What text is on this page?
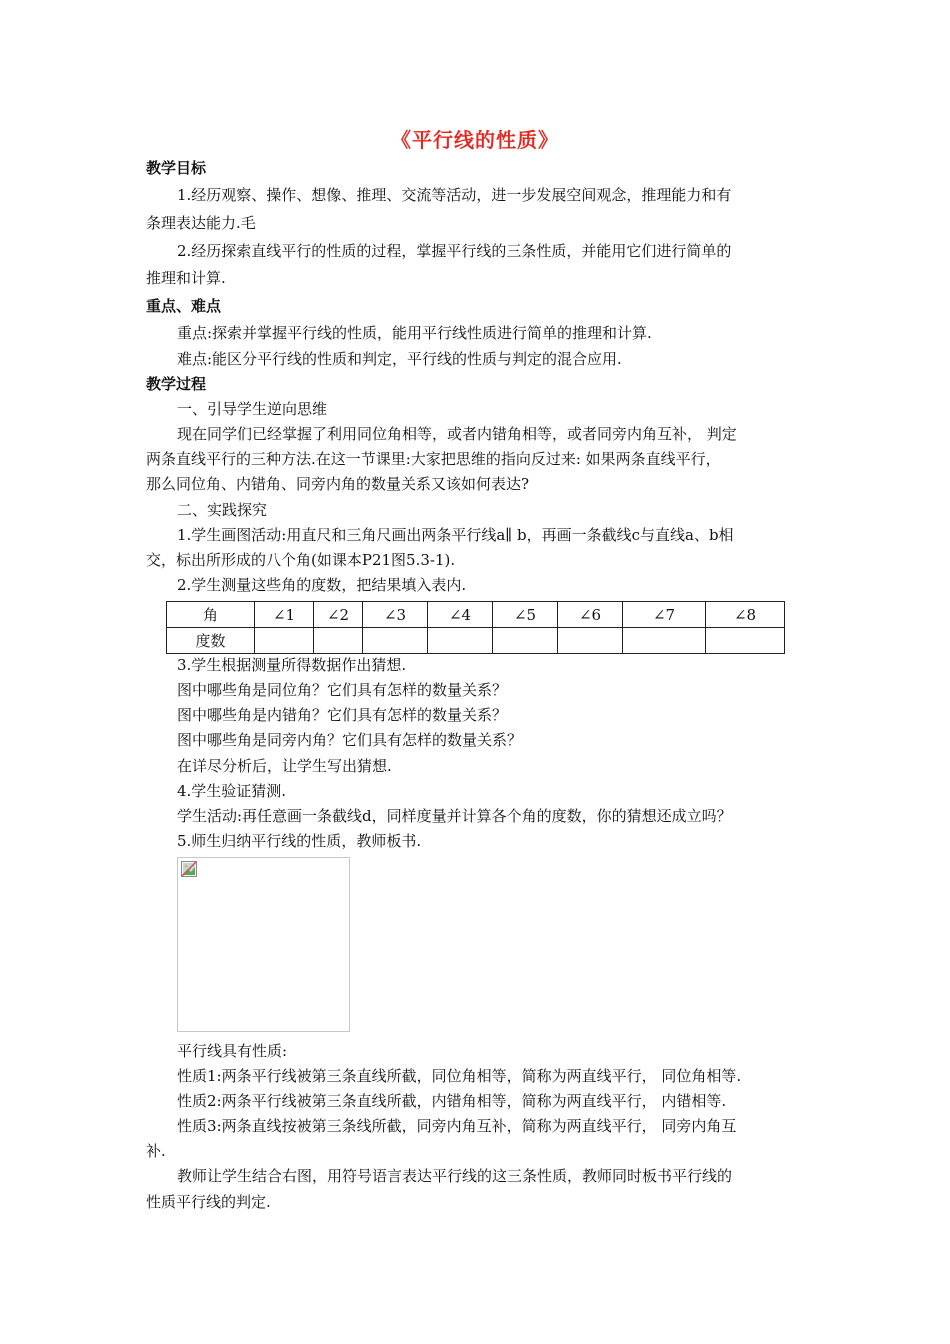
《平行线的性质》
教学目标
1.经历观察、操作、想像、推理、交流等活动，进一步发展空间观念，推理能力和有
条理表达能力.毛
2.经历探索直线平行的性质的过程，掌握平行线的三条性质，并能用它们进行简单的
推理和计算.
重点、难点
重点:探索并掌握平行线的性质，能用平行线性质进行简单的推理和计算.
难点:能区分平行线的性质和判定，平行线的性质与判定的混合应用.
教学过程
一、引导学生逆向思维
现在同学们已经掌握了利用同位角相等，或者内错角相等，或者同旁内角互补， 判定
两条直线平行的三种方法.在这一节课里:大家把思维的指向反过来: 如果两条直线平行，
那么同位角、内错角、同旁内角的数量关系又该如何表达?
二、实践探究
1.学生画图活动:用直尺和三角尺画出两条平行线a∥ b，再画一条截线c与直线a、b相
交，标出所形成的八个角(如课本P21图5.3-1).
2.学生测量这些角的度数，把结果填入表内.
角	∠1	∠2	∠3	∠4	∠5	∠6	∠7	∠8
度数								
3.学生根据测量所得数据作出猜想.
图中哪些角是同位角？它们具有怎样的数量关系？
图中哪些角是内错角？它们具有怎样的数量关系？
图中哪些角是同旁内角？它们具有怎样的数量关系？
在详尽分析后，让学生写出猜想.
4.学生验证猜测.
学生活动:再任意画一条截线d，同样度量并计算各个角的度数，你的猜想还成立吗？
5.师生归纳平行线的性质，教师板书.
平行线具有性质:
性质1:两条平行线被第三条直线所截，同位角相等，简称为两直线平行， 同位角相等.
性质2:两条平行线被第三条直线所截，内错角相等，简称为两直线平行， 内错相等.
性质3:两条直线按被第三条线所截，同旁内角互补，简称为两直线平行， 同旁内角互
补.
教师让学生结合右图，用符号语言表达平行线的这三条性质，教师同时板书平行线的
性质平行线的判定.
